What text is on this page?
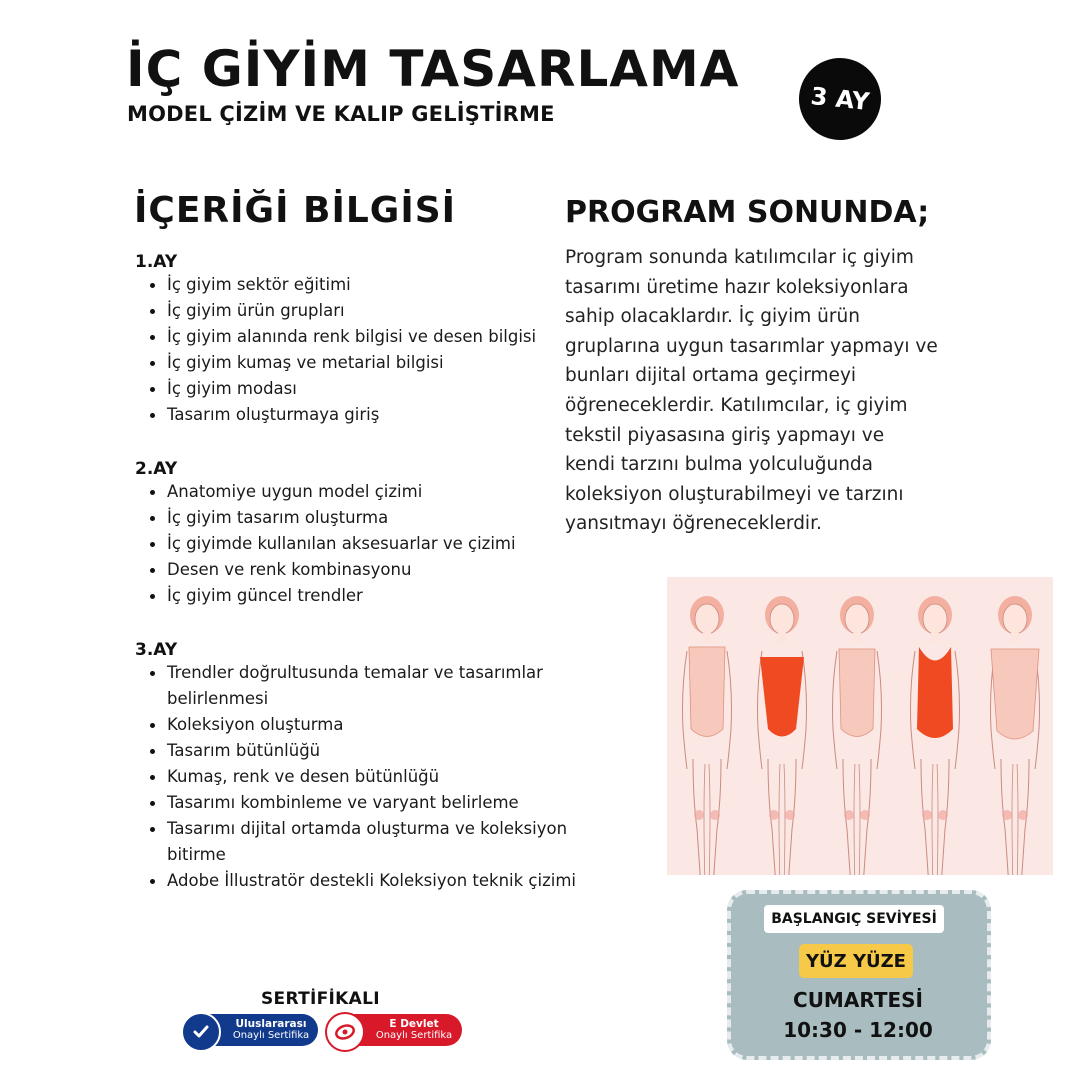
İÇ GİYİM TASARLAMA
MODEL ÇİZİM VE KALIP GELİŞTİRME	3 AY
İÇERİĞİ BİLGİSİ
1.AY
İç giyim sektör eğitimi
İç giyim ürün grupları
İç giyim alanında renk bilgisi ve desen bilgisi
İç giyim kumaş ve metarial bilgisi
İç giyim modası
Tasarım oluşturmaya giriş
2.AY
Anatomiye uygun model çizimi
İç giyim tasarım oluşturma
İç giyimde kullanılan aksesuarlar ve çizimi
Desen ve renk kombinasyonu
İç giyim güncel trendler
3.AY
Trendler doğrultusunda temalar ve tasarımlar belirlenmesi
Koleksiyon oluşturma
Tasarım bütünlüğü
Kumaş, renk ve desen bütünlüğü
Tasarımı kombinleme ve varyant belirleme
Tasarımı dijital ortamda oluşturma ve koleksiyon bitirme
Adobe İllustratör destekli Koleksiyon teknik çizimi
PROGRAM SONUNDA;
Program sonunda katılımcılar iç giyim tasarımı üretime hazır koleksiyonlara sahip olacaklardır. İç giyim ürün gruplarına uygun tasarımlar yapmayı ve bunları dijital ortama geçirmeyi öğreneceklerdir. Katılımcılar, iç giyim tekstil piyasasına giriş yapmayı ve kendi tarzını bulma yolculuğunda koleksiyon oluşturabilmeyi ve tarzını yansıtmayı öğreneceklerdir.
BAŞLANGIÇ SEVİYESİ
YÜZ YÜZE
CUMARTESİ
10:30 - 12:00
SERTİFİKALI
Uluslararası
Onaylı Sertifika
E Devlet
Onaylı Sertifika
